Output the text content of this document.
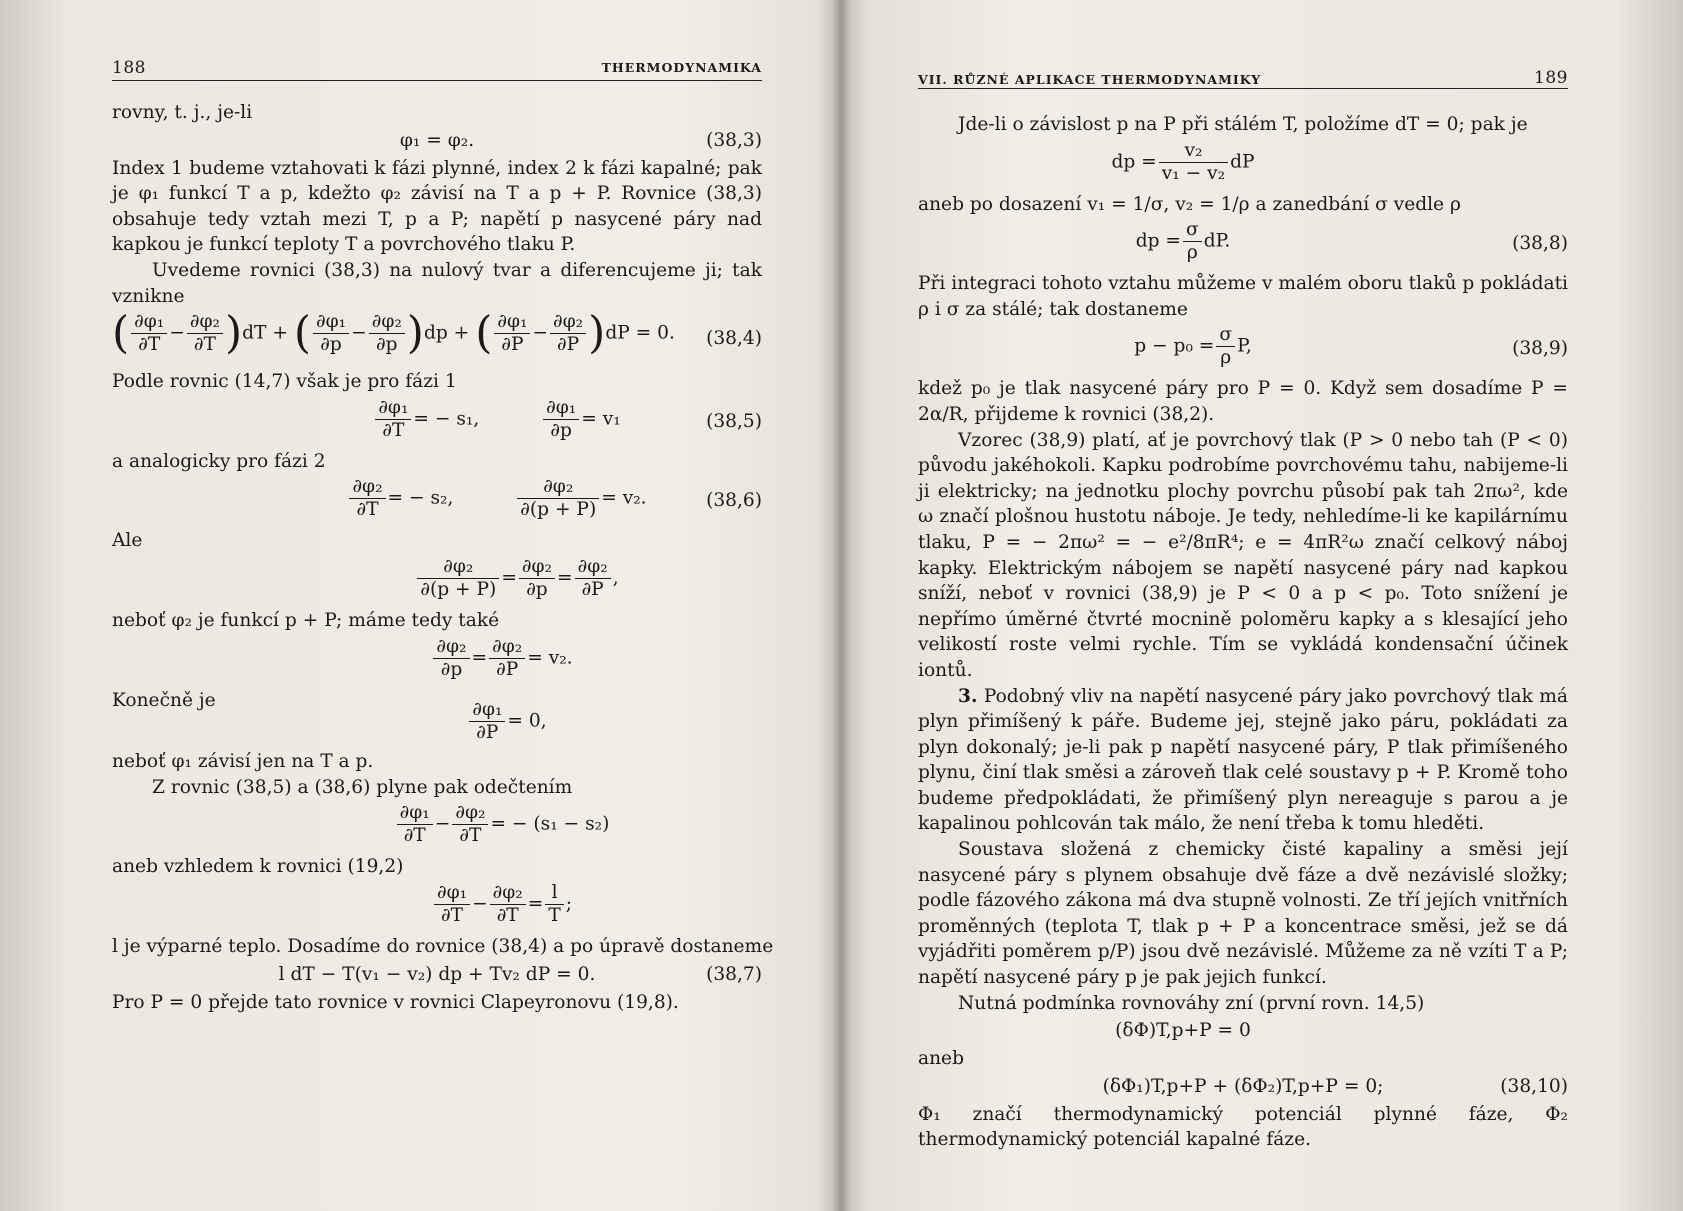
188	THERMODYNAMIKA
rovny, t. j., je-li
φ₁ = φ₂.	(38,3)

Index 1 budeme vztahovati k fázi plynné, index 2 k fázi kapalné; pak je φ₁ funkcí T a p, kdežto φ₂ závisí na T a p + P. Rovnice (38,3) obsahuje tedy vztah mezi T, p a P; napětí p nasycené páry nad kapkou je funkcí teploty T a povrchového tlaku P.

Uvedeme rovnici (38,3) na nulový tvar a diferencujeme ji; tak vznikne

( $\frac{\text{∂φ₁}}{\partial T} - \frac{\text{∂φ₂}}{\partial T} )dT$ + ( $\frac{\text{∂φ₁}}{\partial p} - \frac{\text{∂φ₂}}{\partial p} )dp$ + ( $\frac{\text{∂φ₁}}{\partial P} - \frac{\text{∂φ₂}}{\partial P} )dP = 0$. (38,4)
Podle rovnic (14,7) však je pro fázi 1
$\frac{\text{∂φ₁}}{\partial T}$ = − s₁,	$\frac{\text{∂φ₁}}{\partial p} = v_1$	(38,5)
a analogicky pro fázi 2
$\frac{\text{∂φ₂}}{\partial T}$ = − s₂,	$\frac{\text{∂φ₂}}{\partial(p + P)} = v_2$.	(38,6)
Ale
$\frac{\text{∂φ₂}}{\partial(p + P)} = \frac{\text{∂φ₂}}{\partial p} = \frac{\text{∂φ₂}}{\partial P}$ ,
neboť φ₂ je funkcí p + P; máme tedy také
$\frac{\text{∂φ₂}}{\partial p} = \frac{\text{∂φ₂}}{\partial P} = v_2$.
Konečně je	$\frac{\text{∂φ₁}}{\partial P} = 0$,
neboť φ₁ závisí jen na T a p.
Z rovnic (38,5) a (38,6) plyne pak odečtením
$\frac{\text{∂φ₁}}{\partial T} - \frac{\text{∂φ₂}}{\partial T}$ = − (s₁ − s₂)
aneb vzhledem k rovnici (19,2)
$\frac{\text{∂φ₁}}{\partial T} - \frac{\text{∂φ₂}}{\partial T} = \frac{l}{T}$ ;
l je výparné teplo. Dosadíme do rovnice (38,4) a po úpravě dostaneme
l dT − T(v₁ − v₂) dp + Tv₂ dP = 0.	(38,7)
Pro P = 0 přejde tato rovnice v rovnici Clapeyronovu (19,8).
VII. RŮZNÉ APLIKACE THERMODYNAMIKY	189

Jde-li o závislost p na P při stálém T, položíme dT = 0; pak je

dp = $\frac{\text{v₂}}{\text{v₁ − v₂}}$ dP

aneb po dosazení v₁ = 1/σ, v₂ = 1/ρ a zanedbání σ vedle ρ

dp = $\frac{\sigma}{\rho}$ dP.	(38,8)

Při integraci tohoto vztahu můžeme v malém oboru tlaků p pokládati ρ i σ za stálé; tak dostaneme

$p - p_0 = \frac{\sigma}{\rho} P$,	(38,9)

kdež p₀ je tlak nasycené páry pro P = 0. Když sem dosadíme P = 2α/R, přijdeme k rovnici (38,2).

Vzorec (38,9) platí, ať je povrchový tlak (P > 0 nebo tah (P < 0) původu jakéhokoli. Kapku podrobíme povrchovému tahu, nabijeme-li ji elektricky; na jednotku plochy povrchu působí pak tah 2πω², kde ω značí plošnou hustotu náboje. Je tedy, nehledíme-li ke kapilárnímu tlaku, P = − 2πω² = − e²/8πR⁴; e = 4πR²ω značí celkový náboj kapky. Elektrickým nábojem se napětí nasycené páry nad kapkou sníží, neboť v rovnici (38,9) je P < 0 a p < p₀. Toto snížení je nepřímo úměrné čtvrté mocnině poloměru kapky a s klesající jeho velikostí roste velmi rychle. Tím se vykládá kondensační účinek iontů.

3. Podobný vliv na napětí nasycené páry jako povrchový tlak má plyn přimíšený k páře. Budeme jej, stejně jako páru, pokládati za plyn dokonalý; je-li pak p napětí nasycené páry, P tlak přimíšeného plynu, činí tlak směsi a zároveň tlak celé soustavy p + P. Kromě toho budeme předpokládati, že přimíšený plyn nereaguje s parou a je kapalinou pohlcován tak málo, že není třeba k tomu hleděti.

Soustava složená z chemicky čisté kapaliny a směsi její nasycené páry s plynem obsahuje dvě fáze a dvě nezávislé složky; podle fázového zákona má dva stupně volnosti. Ze tří jejích vnitřních proměnných (teplota T, tlak p + P a koncentrace směsi, jež se dá vyjádřiti poměrem p/P) jsou dvě nezávislé. Můžeme za ně vzíti T a P; napětí nasycené páry p je pak jejich funkcí.

Nutná podmínka rovnováhy zní (první rovn. 14,5)

(δΦ)T,p+P = 0
aneb
(δΦ₁)T,p+P + (δΦ₂)T,p+P = 0;	(38,10)

Φ₁ značí thermodynamický potenciál plynné fáze, Φ₂ thermodynamický potenciál kapalné fáze.
